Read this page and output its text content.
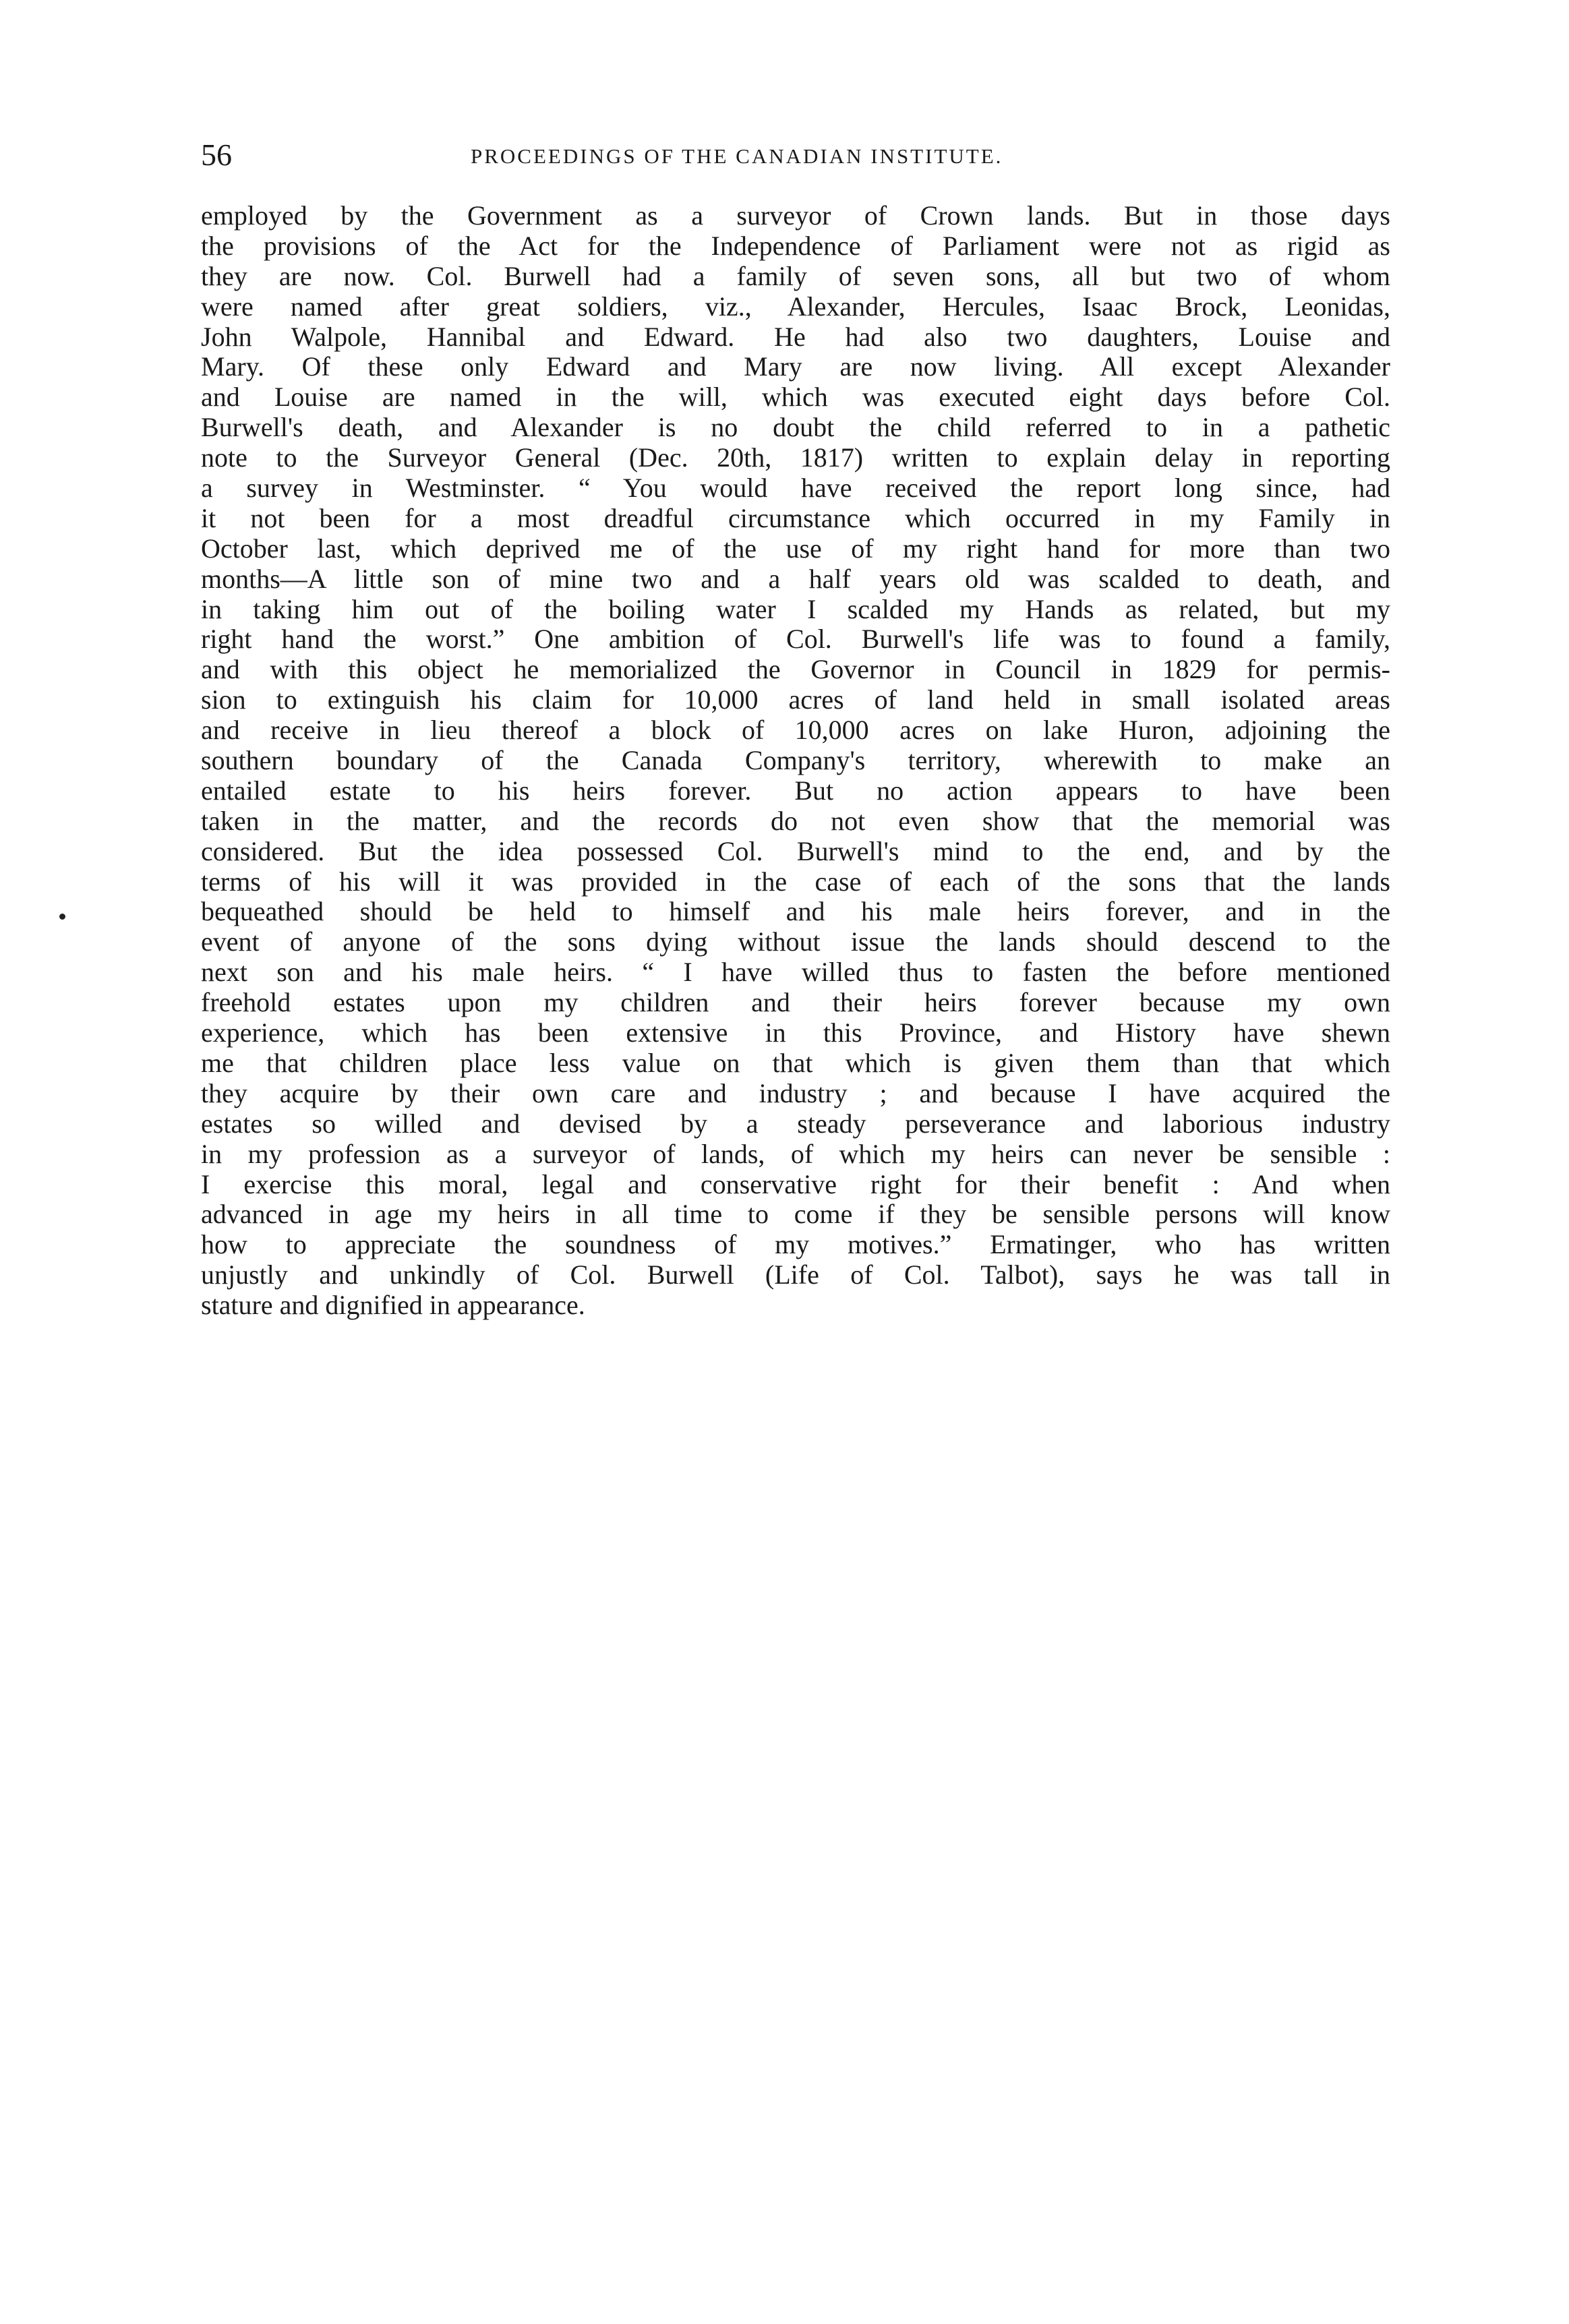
56	PROCEEDINGS OF THE CANADIAN INSTITUTE.
employed by the Government as a surveyor of Crown lands. But in those days
the provisions of the Act for the Independence of Parliament were not as rigid as
they are now. Col. Burwell had a family of seven sons, all but two of whom
were named after great soldiers, viz., Alexander, Hercules, Isaac Brock, Leonidas,
John Walpole, Hannibal and Edward. He had also two daughters, Louise and
Mary. Of these only Edward and Mary are now living. All except Alexander
and Louise are named in the will, which was executed eight days before Col.
Burwell's death, and Alexander is no doubt the child referred to in a pathetic
note to the Surveyor General (Dec. 20th, 1817) written to explain delay in reporting
a survey in Westminster. “ You would have received the report long since, had
it not been for a most dreadful circumstance which occurred in my Family in
October last, which deprived me of the use of my right hand for more than two
months—A little son of mine two and a half years old was scalded to death, and
in taking him out of the boiling water I scalded my Hands as related, but my
right hand the worst.” One ambition of Col. Burwell's life was to found a family,
and with this object he memorialized the Governor in Council in 1829 for permis-
sion to extinguish his claim for 10,000 acres of land held in small isolated areas
and receive in lieu thereof a block of 10,000 acres on lake Huron, adjoining the
southern boundary of the Canada Company's territory, wherewith to make an
entailed estate to his heirs forever. But no action appears to have been
taken in the matter, and the records do not even show that the memorial was
considered. But the idea possessed Col. Burwell's mind to the end, and by the
terms of his will it was provided in the case of each of the sons that the lands
bequeathed should be held to himself and his male heirs forever, and in the
event of anyone of the sons dying without issue the lands should descend to the
next son and his male heirs. “ I have willed thus to fasten the before mentioned
freehold estates upon my children and their heirs forever because my own
experience, which has been extensive in this Province, and History have shewn
me that children place less value on that which is given them than that which
they acquire by their own care and industry ; and because I have acquired the
estates so willed and devised by a steady perseverance and laborious industry
in my profession as a surveyor of lands, of which my heirs can never be sensible :
I exercise this moral, legal and conservative right for their benefit : And when
advanced in age my heirs in all time to come if they be sensible persons will know
how to appreciate the soundness of my motives.” Ermatinger, who has written
unjustly and unkindly of Col. Burwell (Life of Col. Talbot), says he was tall in
stature and dignified in appearance.
